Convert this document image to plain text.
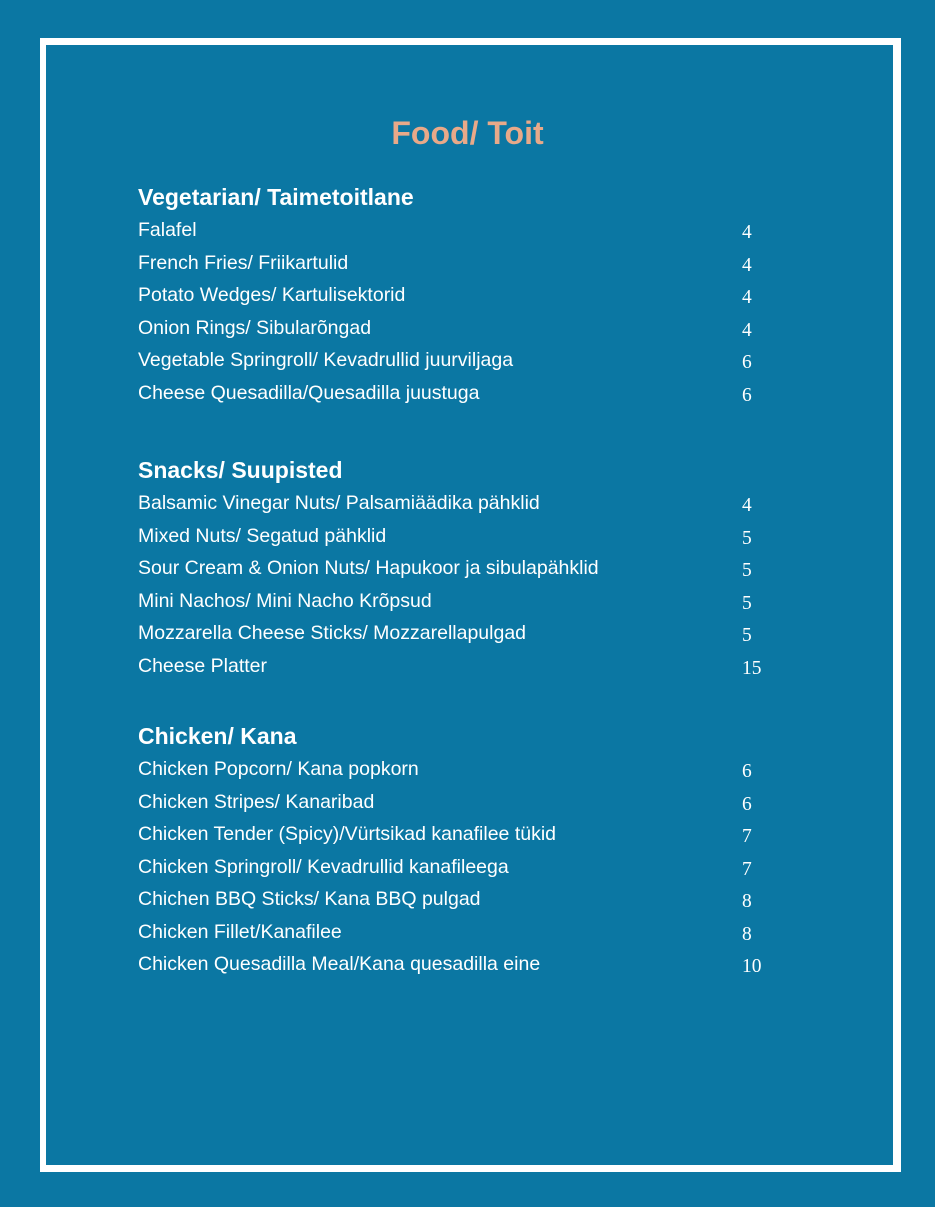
Food/ Toit
Vegetarian/ Taimetoitlane
Falafel	4
French Fries/ Friikartulid	4
Potato Wedges/ Kartulisektorid	4
Onion Rings/ Sibularõngad	4
Vegetable Springroll/ Kevadrullid juurviljaga	6
Cheese Quesadilla/Quesadilla juustuga	6
Snacks/ Suupisted
Balsamic Vinegar Nuts/ Palsamiäädika pähklid	4
Mixed Nuts/ Segatud pähklid	5
Sour Cream & Onion Nuts/ Hapukoor ja sibulapähklid	5
Mini Nachos/ Mini Nacho Krõpsud	5
Mozzarella Cheese Sticks/ Mozzarellapulgad	5
Cheese Platter	15
Chicken/ Kana
Chicken Popcorn/ Kana popkorn	6
Chicken Stripes/ Kanaribad	6
Chicken Tender (Spicy)/Vürtsikad kanafilee tükid	7
Chicken Springroll/ Kevadrullid kanafileega	7
Chichen BBQ Sticks/ Kana BBQ pulgad	8
Chicken Fillet/Kanafilee	8
Chicken Quesadilla Meal/Kana quesadilla eine	10
